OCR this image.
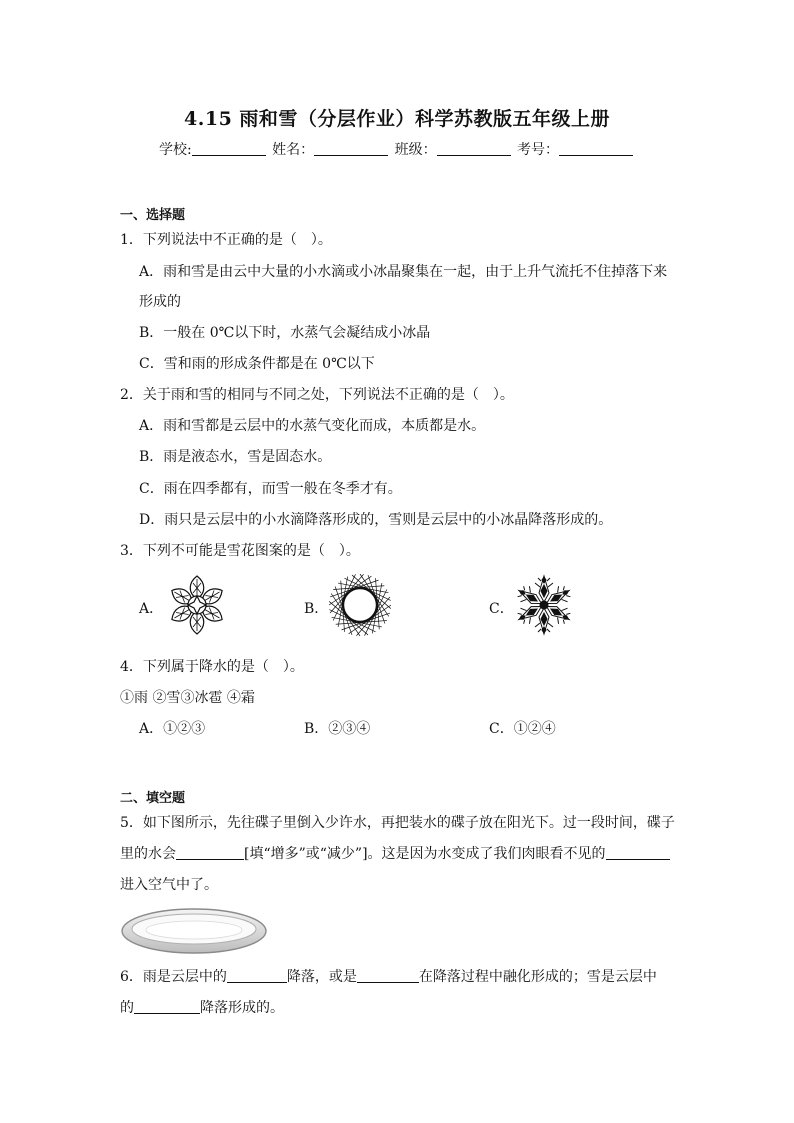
4.15 雨和雪（分层作业）科学苏教版五年级上册
学校:	姓名：	班级：	考号：
一、选择题
1．下列说法中不正确的是（　）。
A．雨和雪是由云中大量的小水滴或小冰晶聚集在一起，由于上升气流托不住掉落下来
形成的
B．一般在 0℃以下时，水蒸气会凝结成小冰晶
C．雪和雨的形成条件都是在 0℃以下
2．关于雨和雪的相同与不同之处，下列说法不正确的是（　）。
A．雨和雪都是云层中的水蒸气变化而成，本质都是水。
B．雨是液态水，雪是固态水。
C．雨在四季都有，而雪一般在冬季才有。
D．雨只是云层中的小水滴降落形成的，雪则是云层中的小冰晶降落形成的。
3．下列不可能是雪花图案的是（　）。
A．	B．	C．
4．下列属于降水的是（　）。
①雨 ②雪③冰雹 ④霜
A．①②③	B．②③④	C．①②④
二、填空题
5．如下图所示，先往碟子里倒入少许水，再把装水的碟子放在阳光下。过一段时间，碟子
里的水会	[填“增多”或“减少”]。这是因为水变成了我们肉眼看不见的
进入空气中了。
6．雨是云层中的	降落，或是	在降落过程中融化形成的；雪是云层中
的	降落形成的。
